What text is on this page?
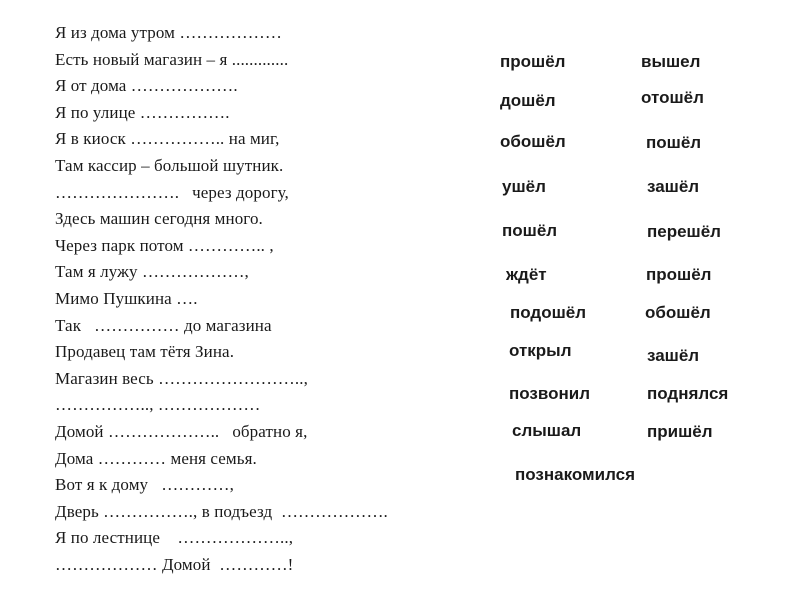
Я из дома утром ………………
Есть новый магазин – я .............
Я от дома ……………….
Я по улице …………….
Я в киоск …………….. на миг,
Там кассир – большой шутник.
………………….   через дорогу,
Здесь машин сегодня много.
Через парк потом ………….. ,
Там я лужу ………………,
Мимо Пушкина ….
Так   …………… до магазина
Продавец там тётя Зина.
Магазин весь ……………………..,
…………….., ………………
Домой ………………..   обратно я,
Дома ………… меня семья.
Вот я к дому   …………,
Дверь ……………., в подъезд  ……………….
Я по лестнице    ………………..,
……………… Домой  …………!
прошёл	вышел
дошёл	отошёл
обошёл	пошёл
ушёл	зашёл
пошёл	перешёл
ждёт	прошёл
подошёл	обошёл
открыл	зашёл
позвонил	поднялся
слышал	пришёл
познакомился
